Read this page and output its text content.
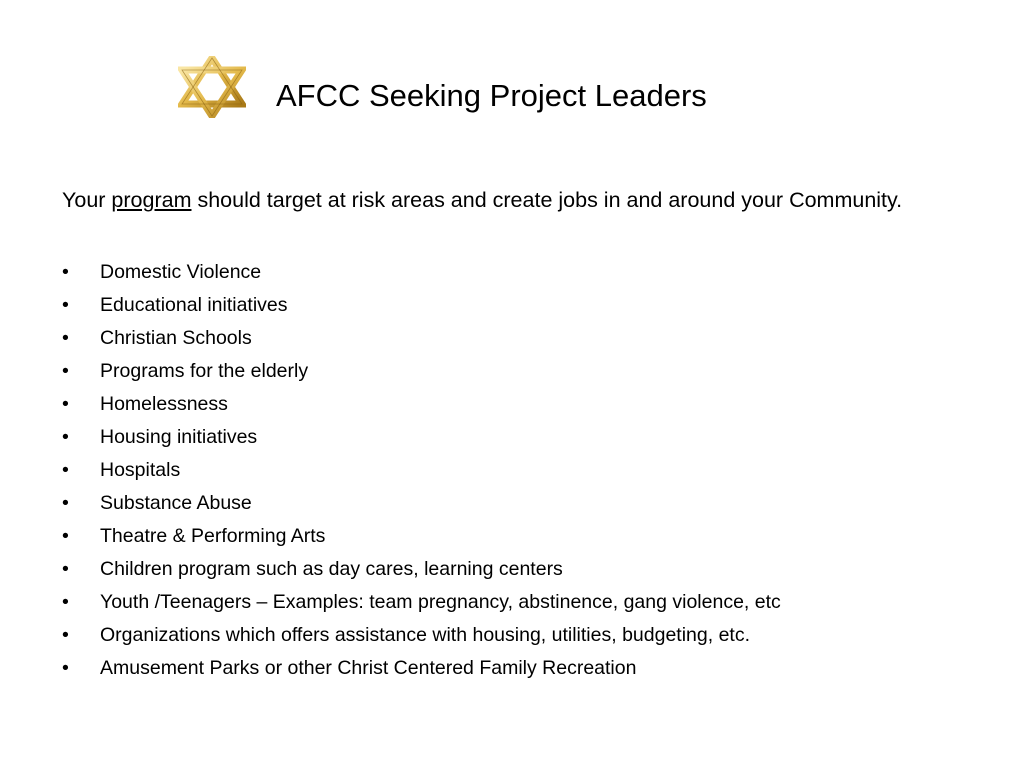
AFCC Seeking Project Leaders
Your program should target at risk areas and create jobs in and around your Community.
• Domestic Violence
• Educational initiatives
• Christian Schools
• Programs for the elderly
• Homelessness
• Housing initiatives
• Hospitals
• Substance Abuse
• Theatre & Performing Arts
• Children program such as day cares, learning centers
• Youth /Teenagers – Examples: team pregnancy, abstinence, gang violence, etc
• Organizations which offers assistance with housing, utilities, budgeting, etc.
• Amusement Parks or other Christ Centered Family Recreation
